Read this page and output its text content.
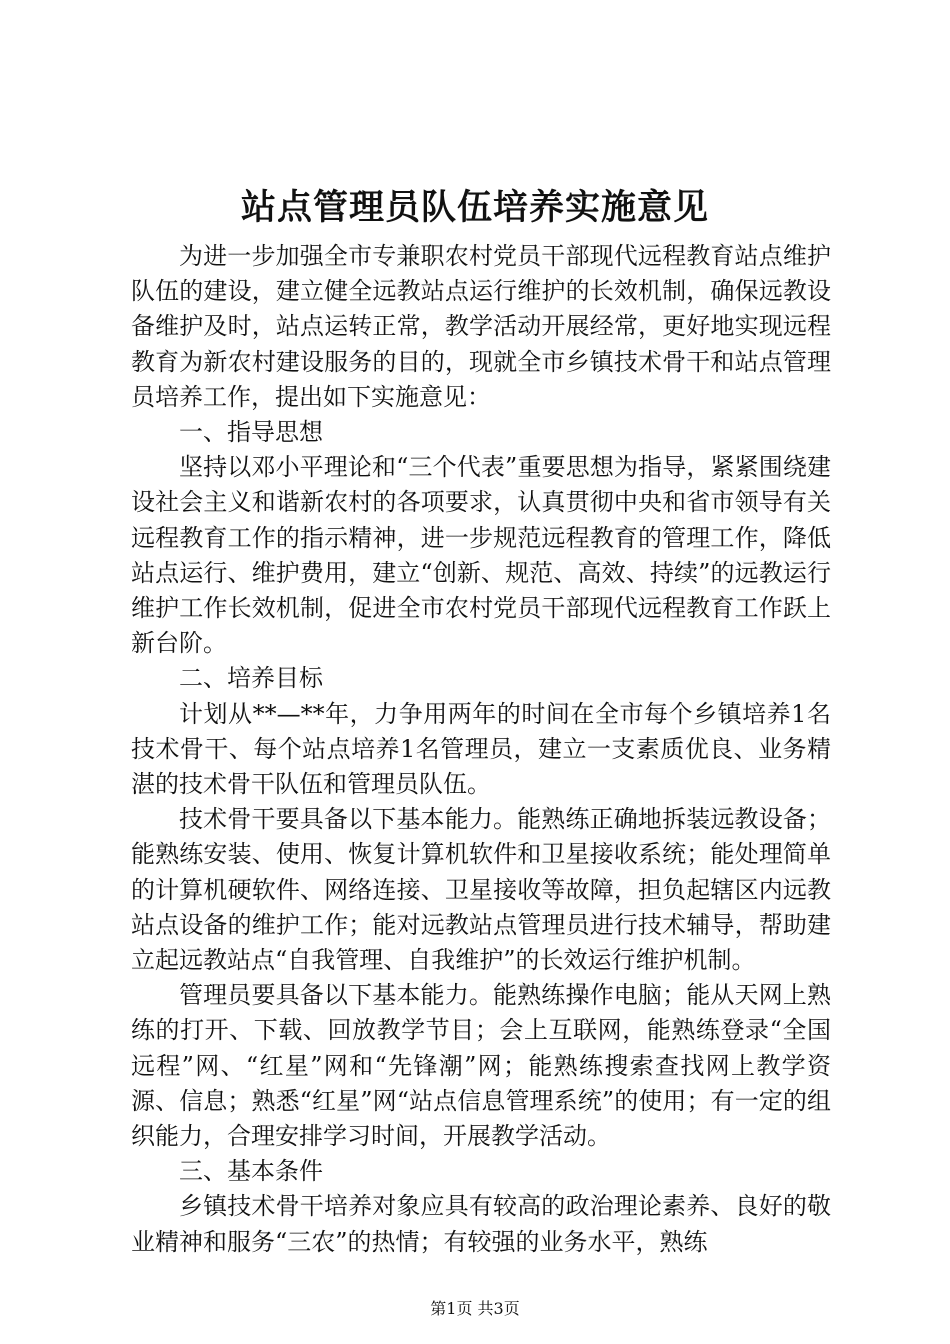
站点管理员队伍培养实施意见

为进一步加强全市专兼职农村党员干部现代远程教育站点维护队伍的建设，建立健全远教站点运行维护的长效机制，确保远教设备维护及时，站点运转正常，教学活动开展经常，更好地实现远程教育为新农村建设服务的目的，现就全市乡镇技术骨干和站点管理员培养工作，提出如下实施意见：

一、指导思想

坚持以邓小平理论和“三个代表”重要思想为指导，紧紧围绕建设社会主义和谐新农村的各项要求，认真贯彻中央和省市领导有关远程教育工作的指示精神，进一步规范远程教育的管理工作，降低站点运行、维护费用，建立“创新、规范、高效、持续”的远教运行维护工作长效机制，促进全市农村党员干部现代远程教育工作跃上新台阶。

二、培养目标

计划从**—**年，力争用两年的时间在全市每个乡镇培养1名技术骨干、每个站点培养1名管理员，建立一支素质优良、业务精湛的技术骨干队伍和管理员队伍。

技术骨干要具备以下基本能力。能熟练正确地拆装远教设备；能熟练安装、使用、恢复计算机软件和卫星接收系统；能处理简单的计算机硬软件、网络连接、卫星接收等故障，担负起辖区内远教站点设备的维护工作；能对远教站点管理员进行技术辅导，帮助建立起远教站点“自我管理、自我维护”的长效运行维护机制。

管理员要具备以下基本能力。能熟练操作电脑；能从天网上熟练的打开、下载、回放教学节目；会上互联网，能熟练登录“全国远程”网、“红星”网和“先锋潮”网；能熟练搜索查找网上教学资源、信息；熟悉“红星”网“站点信息管理系统”的使用；有一定的组织能力，合理安排学习时间，开展教学活动。

三、基本条件

乡镇技术骨干培养对象应具有较高的政治理论素养、良好的敬业精神和服务“三农”的热情；有较强的业务水平，熟练

第1页 共3页
